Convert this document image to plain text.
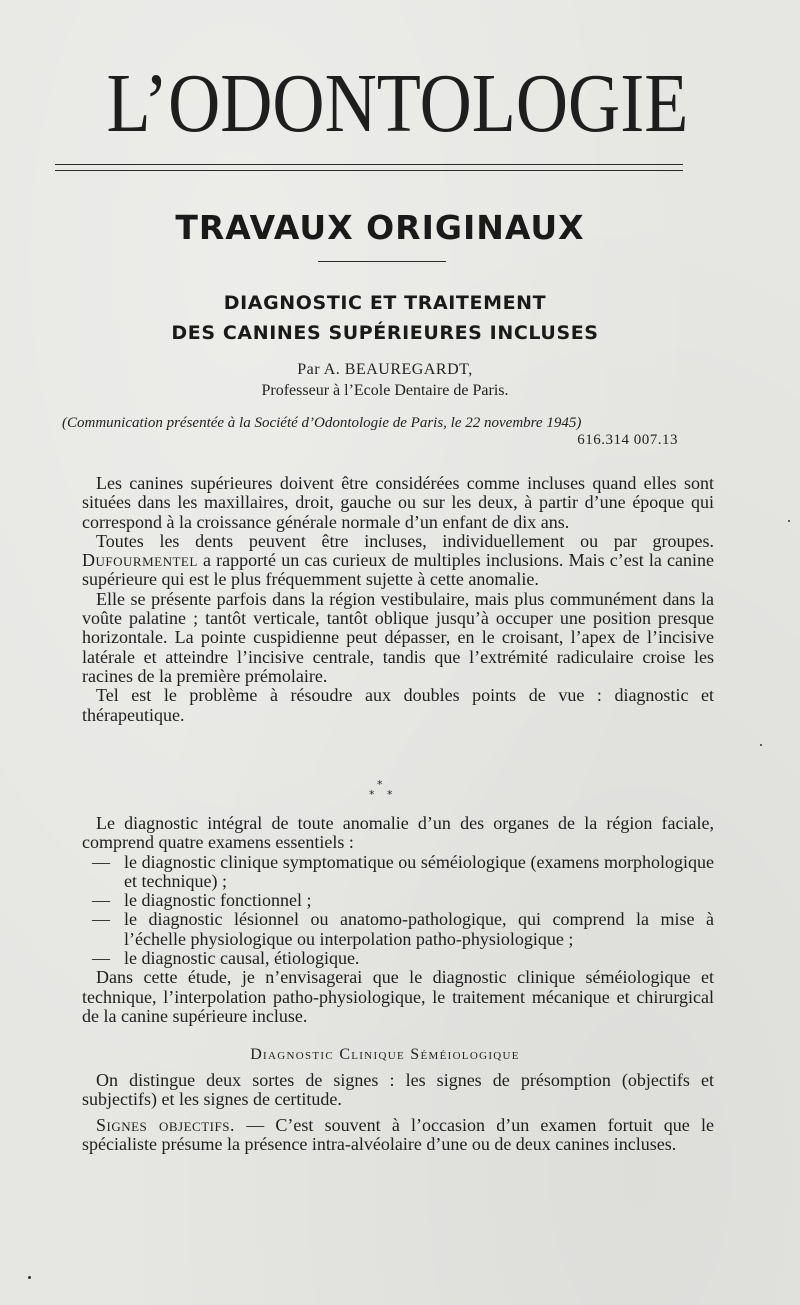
L’ODONTOLOGIE
TRAVAUX ORIGINAUX
DIAGNOSTIC ET TRAITEMENT
DES CANINES SUPÉRIEURES INCLUSES
Par A. BEAUREGARDT,
Professeur à l’Ecole Dentaire de Paris.
(Communication présentée à la Société d’Odontologie de Paris, le 22 novembre 1945)
616.314 007.13

Les canines supérieures doivent être considérées comme incluses quand elles sont situées dans les maxillaires, droit, gauche ou sur les deux, à partir d’une époque qui correspond à la croissance générale normale d’un enfant de dix ans.

Toutes les dents peuvent être incluses, individuellement ou par groupes. Dufourmentel a rapporté un cas curieux de multiples inclusions. Mais c’est la canine supérieure qui est le plus fréquemment sujette à cette anomalie.

Elle se présente parfois dans la région vestibulaire, mais plus communément dans la voûte palatine ; tantôt verticale, tantôt oblique jusqu’à occuper une position presque horizontale. La pointe cuspidienne peut dépasser, en le croisant, l’apex de l’incisive latérale et atteindre l’incisive centrale, tandis que l’extrémité radiculaire croise les racines de la première prémolaire.

Tel est le problème à résoudre aux doubles points de vue : diagnostic et thérapeutique.

*
* *

Le diagnostic intégral de toute anomalie d’un des organes de la région faciale, comprend quatre examens essentiels :

— le diagnostic clinique symptomatique ou séméiologique (examens morphologique et technique) ;
— le diagnostic fonctionnel ;
— le diagnostic lésionnel ou anatomo-pathologique, qui comprend la mise à l’échelle physiologique ou interpolation patho-physiologique ;
— le diagnostic causal, étiologique.

Dans cette étude, je n’envisagerai que le diagnostic clinique séméiologique et technique, l’interpolation patho-physiologique, le traitement mécanique et chirurgical de la canine supérieure incluse.

Diagnostic Clinique Séméiologique

On distingue deux sortes de signes : les signes de présomption (objectifs et subjectifs) et les signes de certitude.

Signes objectifs. — C’est souvent à l’occasion d’un examen fortuit que le spécialiste présume la présence intra-alvéolaire d’une ou de deux canines incluses.
